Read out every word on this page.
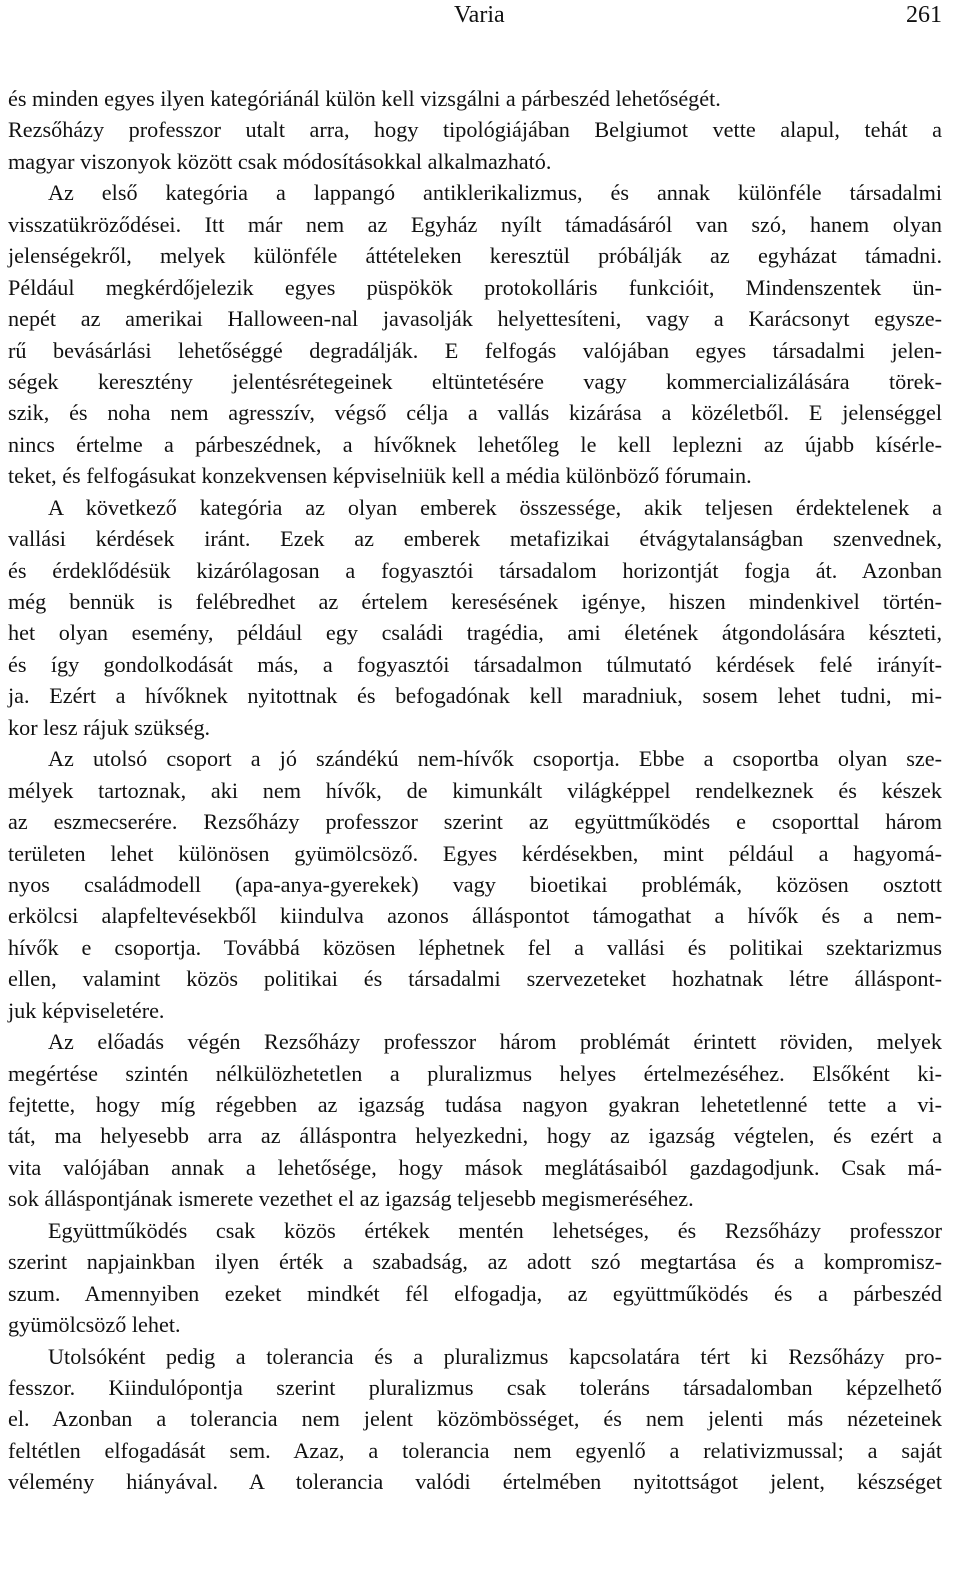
Varia	261
és minden egyes ilyen kategóriánál külön kell vizsgálni a párbeszéd lehetőségét.
Rezsőházy professzor utalt arra, hogy tipológiájában Belgiumot vette alapul, tehát a
magyar viszonyok között csak módosításokkal alkalmazható.
Az első kategória a lappangó antiklerikalizmus, és annak különféle társadalmi
visszatükröződései. Itt már nem az Egyház nyílt támadásáról van szó, hanem olyan
jelenségekről, melyek különféle áttételeken keresztül próbálják az egyházat támadni.
Például megkérdőjelezik egyes püspökök protokolláris funkcióit, Mindenszentek ün-
nepét az amerikai Halloween-nal javasolják helyettesíteni, vagy a Karácsonyt egysze-
rű bevásárlási lehetőséggé degradálják. E felfogás valójában egyes társadalmi jelen-
ségek keresztény jelentésrétegeinek eltüntetésére vagy kommercializálására törek-
szik, és noha nem agresszív, végső célja a vallás kizárása a közéletből. E jelenséggel
nincs értelme a párbeszédnek, a hívőknek lehetőleg le kell leplezni az újabb kísérle-
teket, és felfogásukat konzekvensen képviselniük kell a média különböző fórumain.
A következő kategória az olyan emberek összessége, akik teljesen érdektelenek a
vallási kérdések iránt. Ezek az emberek metafizikai étvágytalanságban szenvednek,
és érdeklődésük kizárólagosan a fogyasztói társadalom horizontját fogja át. Azonban
még bennük is felébredhet az értelem keresésének igénye, hiszen mindenkivel történ-
het olyan esemény, például egy családi tragédia, ami életének átgondolására készteti,
és így gondolkodását más, a fogyasztói társadalmon túlmutató kérdések felé irányít-
ja. Ezért a hívőknek nyitottnak és befogadónak kell maradniuk, sosem lehet tudni, mi-
kor lesz rájuk szükség.
Az utolsó csoport a jó szándékú nem-hívők csoportja. Ebbe a csoportba olyan sze-
mélyek tartoznak, aki nem hívők, de kimunkált világképpel rendelkeznek és készek
az eszmecserére. Rezsőházy professzor szerint az együttműködés e csoporttal három
területen lehet különösen gyümölcsöző. Egyes kérdésekben, mint például a hagyomá-
nyos családmodell (apa-anya-gyerekek) vagy bioetikai problémák, közösen osztott
erkölcsi alapfeltevésekből kiindulva azonos álláspontot támogathat a hívők és a nem-
hívők e csoportja. Továbbá közösen léphetnek fel a vallási és politikai szektarizmus
ellen, valamint közös politikai és társadalmi szervezeteket hozhatnak létre álláspont-
juk képviseletére.
Az előadás végén Rezsőházy professzor három problémát érintett röviden, melyek
megértése szintén nélkülözhetetlen a pluralizmus helyes értelmezéséhez. Elsőként ki-
fejtette, hogy míg régebben az igazság tudása nagyon gyakran lehetetlenné tette a vi-
tát, ma helyesebb arra az álláspontra helyezkedni, hogy az igazság végtelen, és ezért a
vita valójában annak a lehetősége, hogy mások meglátásaiból gazdagodjunk. Csak má-
sok álláspontjának ismerete vezethet el az igazság teljesebb megismeréséhez.
Együttműködés csak közös értékek mentén lehetséges, és Rezsőházy professzor
szerint napjainkban ilyen érték a szabadság, az adott szó megtartása és a kompromisz-
szum. Amennyiben ezeket mindkét fél elfogadja, az együttműködés és a párbeszéd
gyümölcsöző lehet.
Utolsóként pedig a tolerancia és a pluralizmus kapcsolatára tért ki Rezsőházy pro-
fesszor. Kiindulópontja szerint pluralizmus csak toleráns társadalomban képzelhető
el. Azonban a tolerancia nem jelent közömbösséget, és nem jelenti más nézeteinek
feltétlen elfogadását sem. Azaz, a tolerancia nem egyenlő a relativizmussal; a saját
vélemény hiányával. A tolerancia valódi értelmében nyitottságot jelent, készséget
